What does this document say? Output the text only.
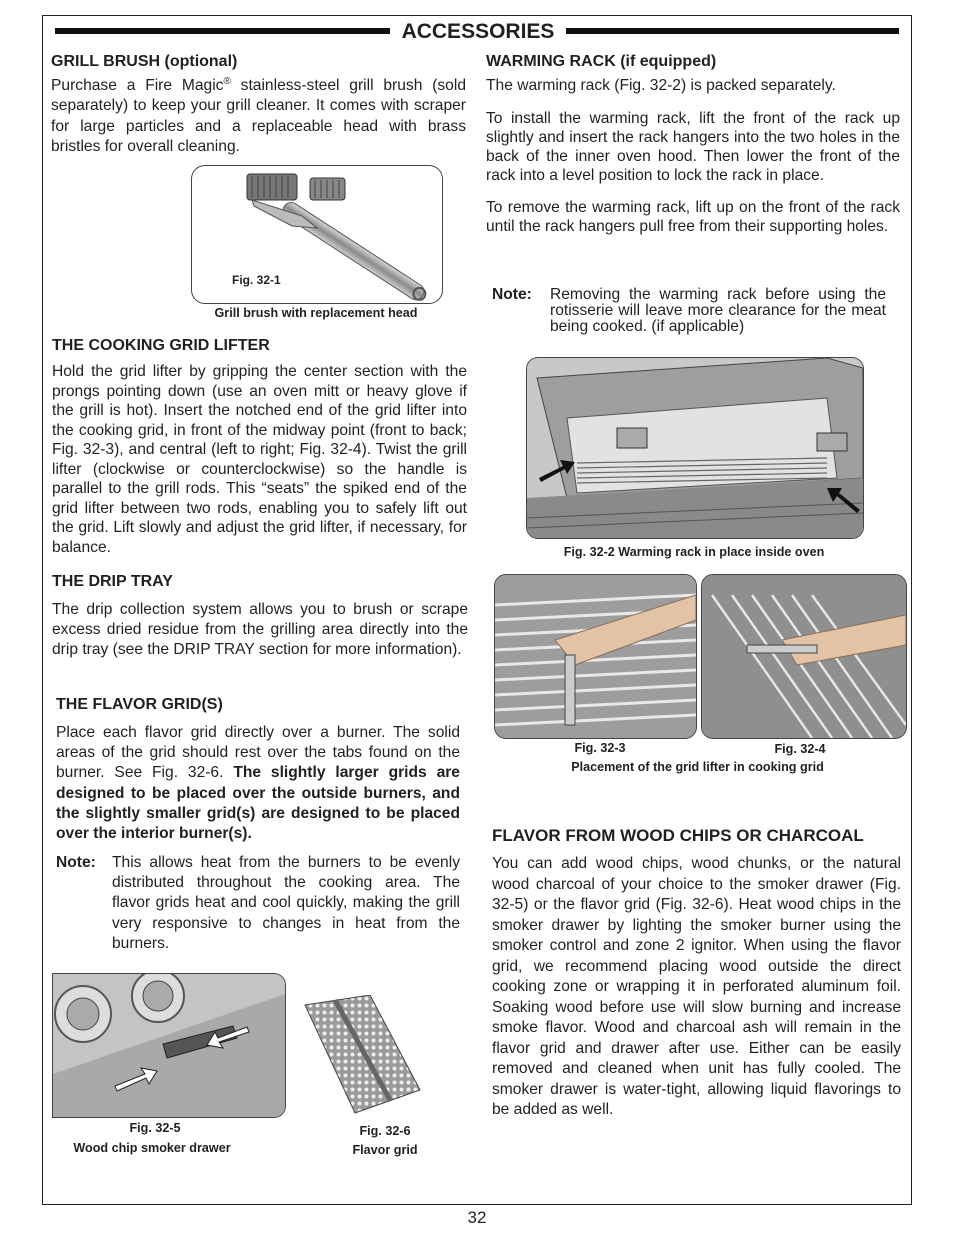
ACCESSORIES
GRILL BRUSH (optional)

Purchase a Fire Magic® stainless-steel grill brush (sold separately) to keep your grill cleaner. It comes with scraper for large particles and a replaceable head with brass bristles for overall cleaning.

Fig. 32-1
Grill brush with replacement head
THE COOKING GRID LIFTER

Hold the grid lifter by gripping the center section with the prongs pointing down (use an oven mitt or heavy glove if the grill is hot). Insert the notched end of the grid lifter into the cooking grid, in front of the midway point (front to back; Fig. 32-3), and central (left to right; Fig. 32-4). Twist the grill lifter (clockwise or counterclockwise) so the handle is parallel to the grill rods. This “seats” the spiked end of the grid lifter between two rods, enabling you to safely lift out the grid. Lift slowly and adjust the grid lifter, if necessary, for balance.

THE DRIP TRAY

The drip collection system allows you to brush or scrape excess dried residue from the grilling area directly into the drip tray (see the DRIP TRAY section for more information).

THE FLAVOR GRID(S)

Place each flavor grid directly over a burner. The solid areas of the grid should rest over the tabs found on the burner. See Fig. 32-6. The slightly larger grids are designed to be placed over the outside burners, and the slightly smaller grid(s) are designed to be placed over the interior burner(s).

Note: This allows heat from the burners to be evenly distributed throughout the cooking area. The flavor grids heat and cool quickly, making the grill very responsive to changes in heat from the burners.

Fig. 32-5
Wood chip smoker drawer
Fig. 32-6
Flavor grid
WARMING RACK (if equipped)

The warming rack (Fig. 32-2) is packed separately.

To install the warming rack, lift the front of the rack up slightly and insert the rack hangers into the two holes in the back of the inner oven hood. Then lower the front of the rack into a level position to lock the rack in place.

To remove the warming rack, lift up on the front of the rack until the rack hangers pull free from their supporting holes.

Note: Removing the warming rack before using the rotisserie will leave more clearance for the meat being cooked. (if applicable)

Fig. 32-2 Warming rack in place inside oven
Fig. 32-3	Fig. 32-4
Placement of the grid lifter in cooking grid
FLAVOR FROM WOOD CHIPS OR CHARCOAL

You can add wood chips, wood chunks, or the natural wood charcoal of your choice to the smoker drawer (Fig. 32-5) or the flavor grid (Fig. 32-6). Heat wood chips in the smoker drawer by lighting the smoker burner using the smoker control and zone 2 ignitor. When using the flavor grid, we recommend placing wood outside the direct cooking zone or wrapping it in perforated aluminum foil. Soaking wood before use will slow burning and increase smoke flavor. Wood and charcoal ash will remain in the flavor grid and drawer after use. Either can be easily removed and cleaned when unit has fully cooled. The smoker drawer is water-tight, allowing liquid flavorings to be added as well.

32
